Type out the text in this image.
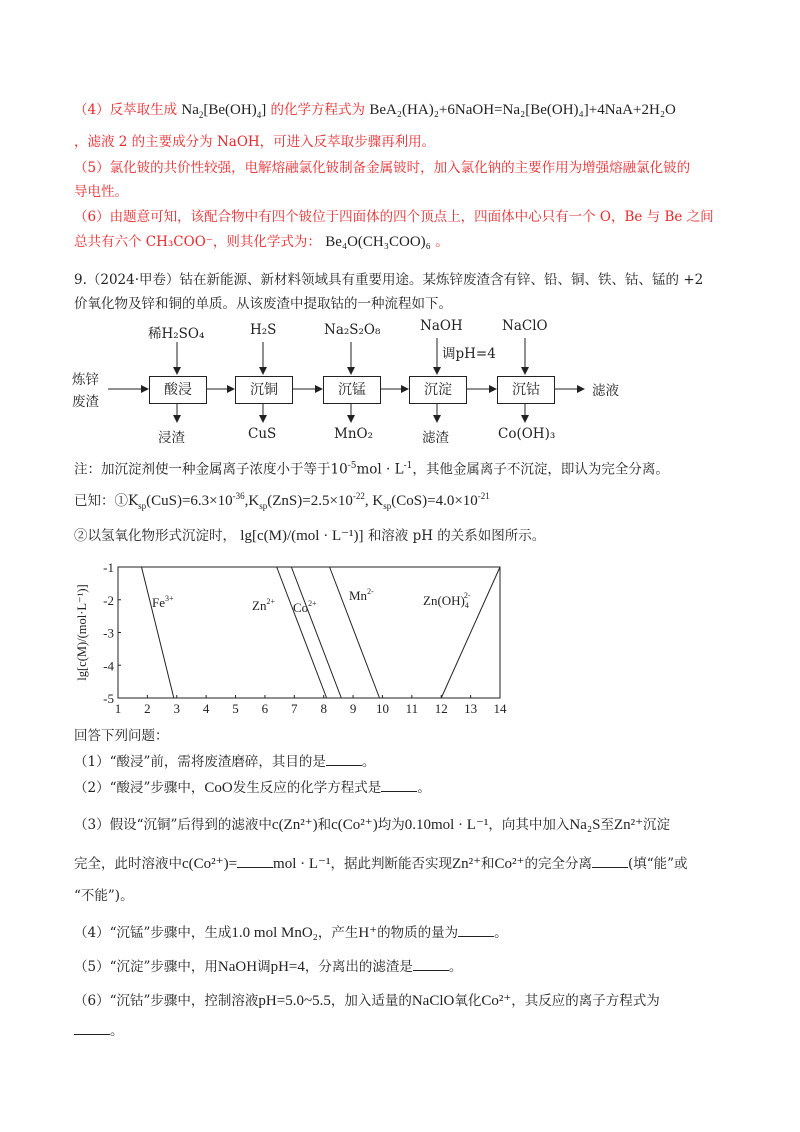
（4）反萃取生成 $Na_2[Be(OH)_4]$ 的化学方程式为 BeA₂(HA)₂+6NaOH=Na₂[Be(OH)₄]+4NaA+2H₂O
，滤液 2 的主要成分为 NaOH，可进入反萃取步骤再利用。
（5）氯化铍的共价性较强，电解熔融氯化铍制备金属铍时，加入氯化钠的主要作用为增强熔融氯化铍的
导电性。
（6）由题意可知，该配合物中有四个铍位于四面体的四个顶点上，四面体中心只有一个 O，Be 与 Be 之间
总共有六个 CH₃COO⁻，则其化学式为： Be₄O(CH₃COO)₆ 。
9.（2024·甲卷）钴在新能源、新材料领域具有重要用途。某炼锌废渣含有锌、铅、铜、铁、钴、锰的 +2
价氧化物及锌和铜的单质。从该废渣中提取钴的一种流程如下。
炼锌
废渣
酸浸	沉铜	沉锰	沉淀	沉钴
稀H₂SO₄	H₂S	Na₂S₂O₈	NaOH
调pH=4
NaClO
浸渣	CuS	MnO₂	滤渣	Co(OH)₃
滤液
注：加沉淀剂使一种金属离子浓度小于等于$10^{-5}mol \cdot L^{-1}$，其他金属离子不沉淀，即认为完全分离。
已知：$①K_{sp}(CuS)=6.3\times 10^{-36},K_{sp}(ZnS)=2.5\times 10^{-22}$, $K_{sp}(CoS)=4.0\times 10^{-21}$
②以氢氧化物形式沉淀时， lg[c(M)/(mol · L⁻¹)] 和溶液 pH 的关系如图所示。
1 2 3 4 5 6 7 8 9 10 11 12 13 14
-1
-2
-3
-4
-5
lg[c(M)/(mol·L⁻¹)]	$Fe^{3+}$	$Zn^{2+}$ $Co^{2+}$
$Mn^{2-}$
$Zn(OH)_42-$
回答下列问题：
（1）“酸浸”前，需将废渣磨碎，其目的是	。
（2）“酸浸”步骤中，CoO发生反应的化学方程式是	。
（3）假设“沉铜”后得到的滤液中c(Zn²⁺)和c(Co²⁺)均为0.10mol · L⁻¹，向其中加入Na₂S至Zn²⁺沉淀
完全，此时溶液中c(Co²⁺)= mol · L⁻¹，据此判断能否实现Zn²⁺和Co²⁺的完全分离	(填“能”或
“不能”)。
（4）“沉锰”步骤中，生成1.0 mol MnO₂，产生H⁺的物质的量为	。
（5）“沉淀”步骤中，用NaOH调pH=4，分离出的滤渣是	。
（6）“沉钴”步骤中，控制溶液pH=5.0~5.5，加入适量的NaClO氧化Co²⁺，其反应的离子方程式为
。
